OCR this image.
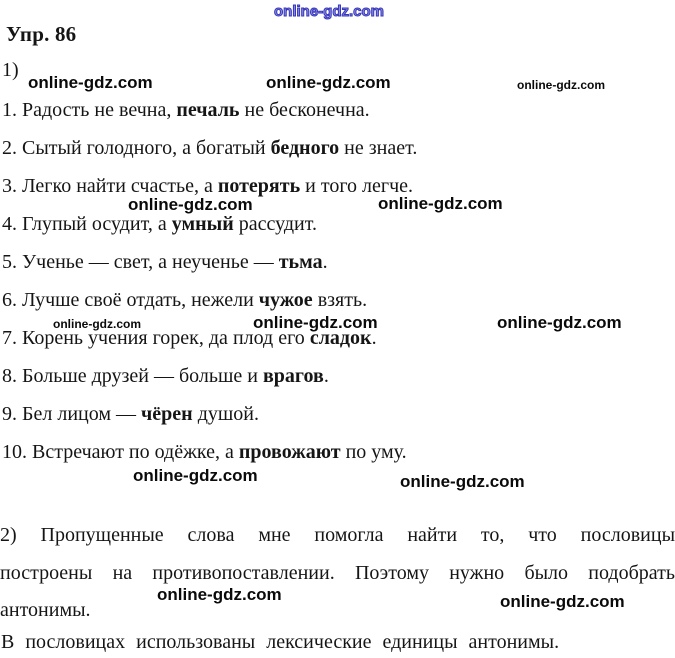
online-gdz.com
online-gdz.com	online-gdz.com	online-gdz.com
online-gdz.com	online-gdz.com
online-gdz.com	online-gdz.com	online-gdz.com
online-gdz.com	online-gdz.com
online-gdz.com	online-gdz.com
Упр. 86
1)
1. Радость не вечна, печаль не бесконечна.
2. Сытый голодного, а богатый бедного не знает.
3. Легко найти счастье, а потерять и того легче.
4. Глупый осудит, а умный рассудит.
5. Ученье — свет, а неученье — тьма.
6. Лучше своё отдать, нежели чужое взять.
7. Корень учения горек, да плод его сладок.
8. Больше друзей — больше и врагов.
9. Бел лицом — чёрен душой.
10. Встречают по одёжке, а провожают по уму.
2) Пропущенные слова мне помогла найти то, что пословицы
построены на противопоставлении. Поэтому нужно было подобрать
антонимы.
В пословицах использованы лексические единицы антонимы.
